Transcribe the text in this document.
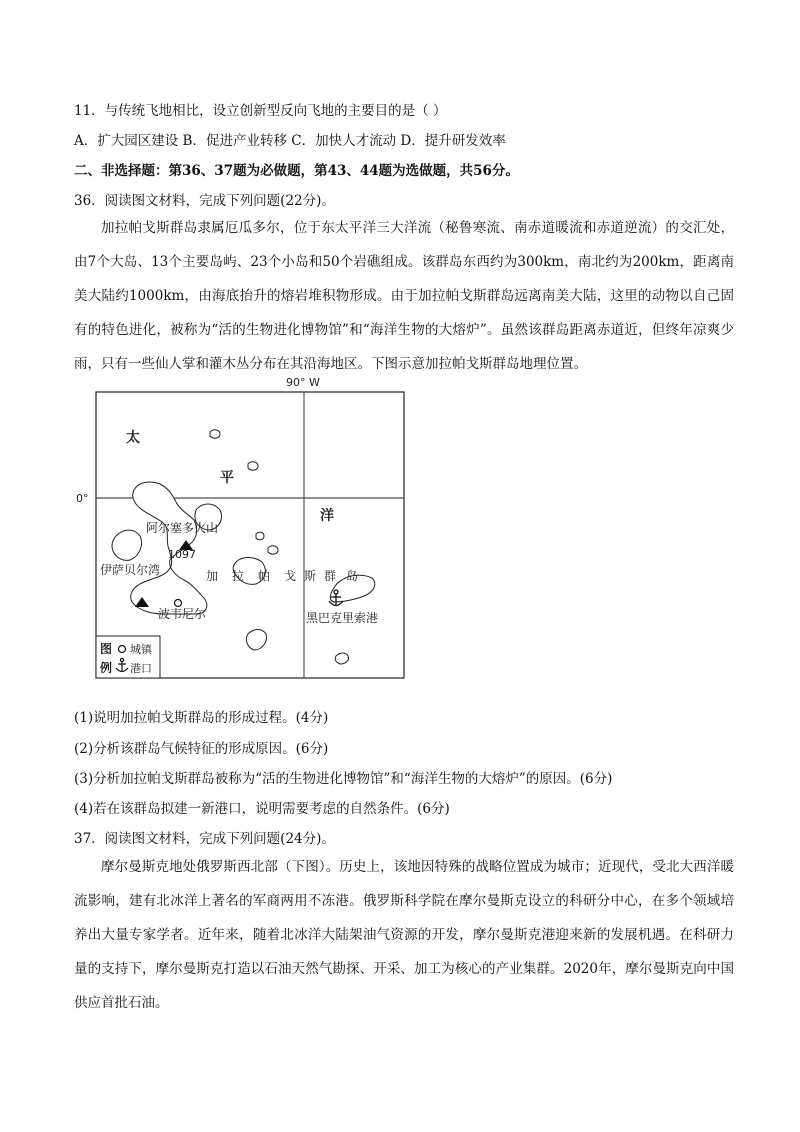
11．与传统飞地相比，设立创新型反向飞地的主要目的是（ ）
A．扩大园区建设 B．促进产业转移 C．加快人才流动 D．提升研发效率
二、非选择题：第36、37题为必做题，第43、44题为选做题，共56分。
36．阅读图文材料，完成下列问题(22分)。
加拉帕戈斯群岛隶属厄瓜多尔，位于东太平洋三大洋流（秘鲁寒流、南赤道暖流和赤道逆流）的交汇处，由7个大岛、13个主要岛屿、23个小岛和50个岩礁组成。该群岛东西约为300km，南北约为200km，距离南美大陆约1000km，由海底抬升的熔岩堆积物形成。由于加拉帕戈斯群岛远离南美大陆，这里的动物以自己固有的特色进化，被称为“活的生物进化博物馆”和“海洋生物的大熔炉”。虽然该群岛距离赤道近，但终年凉爽少雨，只有一些仙人掌和灌木丛分布在其沿海地区。下图示意加拉帕戈斯群岛地理位置。
90° W
0°
太
平
洋
阿尔塞多火山
1097
伊萨贝尔湾	加 拉 帕 戈 斯 群 岛
波韦尼尔	黑巴克里索港
图
例
城镇
港口
(1)说明加拉帕戈斯群岛的形成过程。(4分)
(2)分析该群岛气候特征的形成原因。(6分)
(3)分析加拉帕戈斯群岛被称为“活的生物进化博物馆”和“海洋生物的大熔炉”的原因。(6分)
(4)若在该群岛拟建一新港口，说明需要考虑的自然条件。(6分)
37．阅读图文材料，完成下列问题(24分)。
摩尔曼斯克地处俄罗斯西北部（下图）。历史上，该地因特殊的战略位置成为城市；近现代，受北大西洋暖流影响，建有北冰洋上著名的军商两用不冻港。俄罗斯科学院在摩尔曼斯克设立的科研分中心，在多个领域培养出大量专家学者。近年来，随着北冰洋大陆架油气资源的开发，摩尔曼斯克港迎来新的发展机遇。在科研力量的支持下，摩尔曼斯克打造以石油天然气勘探、开采、加工为核心的产业集群。2020年，摩尔曼斯克向中国供应首批石油。
